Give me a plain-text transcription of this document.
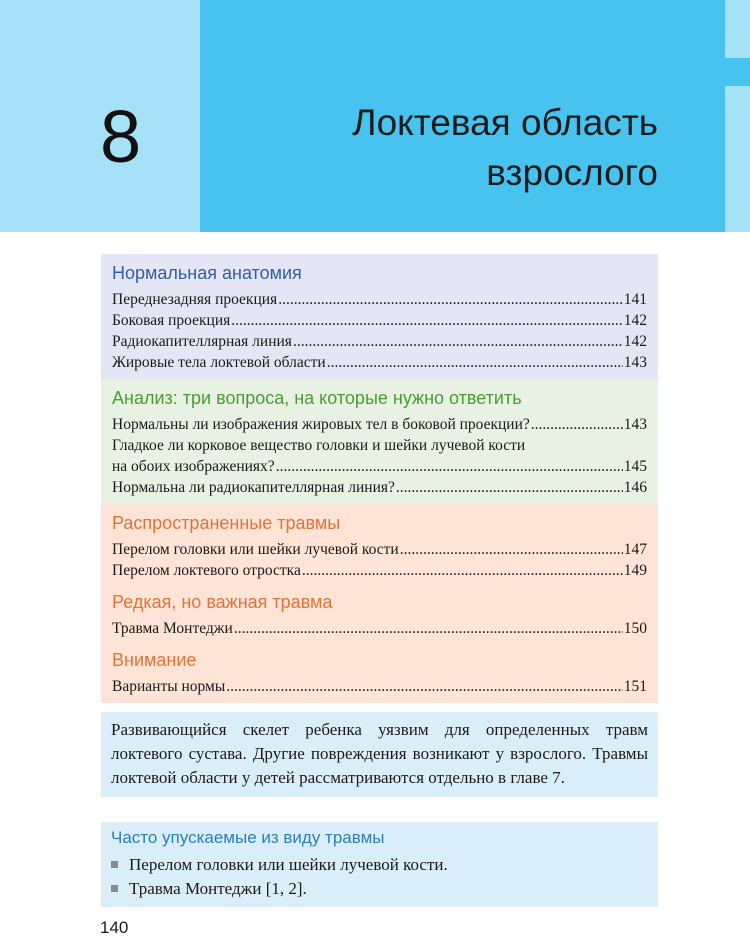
8	Локтевая область
взрослого
Нормальная анатомия
Переднезадняя проекция .....	141
Боковая проекция .....	142
Радиокапителлярная линия .....	142
Жировые тела локтевой области .....	143
Анализ: три вопроса, на которые нужно ответить
Нормальны ли изображения жировых тел в боковой проекции? .....	143
Гладкое ли корковое вещество головки и шейки лучевой кости
на обоих изображениях? .....	145
Нормальна ли радиокапителлярная линия? .....	146
Распространенные травмы
Перелом головки или шейки лучевой кости .....	147
Перелом локтевого отростка .....	149
Редкая, но важная травма
Травма Монтеджи .....	150
Внимание
Варианты нормы .....	151
Развивающийся скелет ребенка уязвим для определенных травм локтевого сустава. Другие повреждения возникают у взрослого. Травмы локтевой области у детей рассматриваются отдельно в главе 7.
Часто упускаемые из виду травмы
Перелом головки или шейки лучевой кости.
Травма Монтеджи [1, 2].
140
